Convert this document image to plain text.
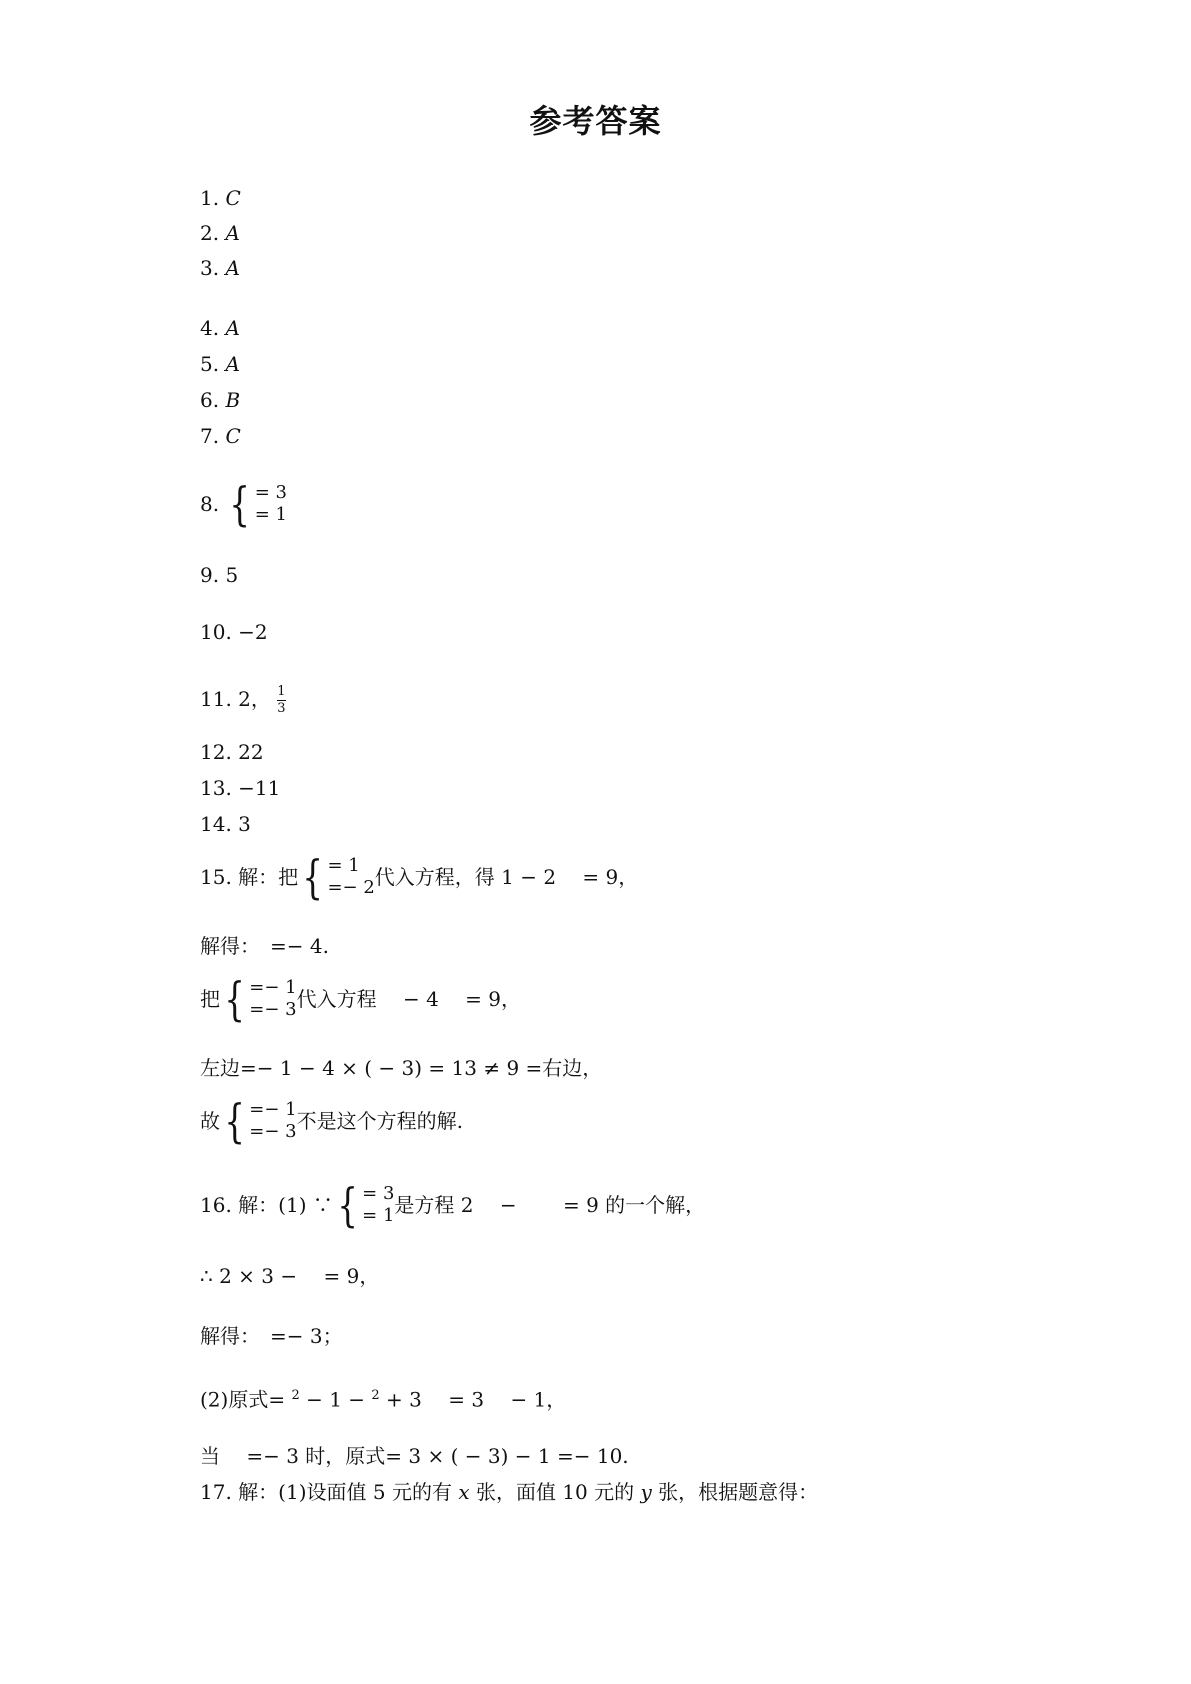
参考答案
1. C
2. A
3. A
4. A
5. A
6. B
7. C
8. { = 3
= 1
9. 5
10. −2
11. 2， $\frac{1}{3}$
12. 22
13. −11
14. 3
15. 解：把{ = 1
=− 2 代入方程，得 1 − 2 　= 9，
解得：　=− 4.
把{ =− 1
=− 3 代入方程 　− 4 　= 9，
左边=− 1 − 4 × ( − 3) = 13 ≠ 9 =右边，
故{ =− 1
=− 3 不是这个方程的解.
16. 解：(1) ∵{ = 3
= 1 是方程 2 　− 　　= 9 的一个解，
∴ 2 × 3 − 　= 9，
解得：　=− 3；
(2)原式= $^2$ − 1 − $^2$ + 3 　= 3 　− 1，
当 　=− 3 时，原式= 3 × ( − 3) − 1 =− 10.
17. 解：(1)设面值 5 元的有 x 张，面值 10 元的 y 张，根据题意得：
